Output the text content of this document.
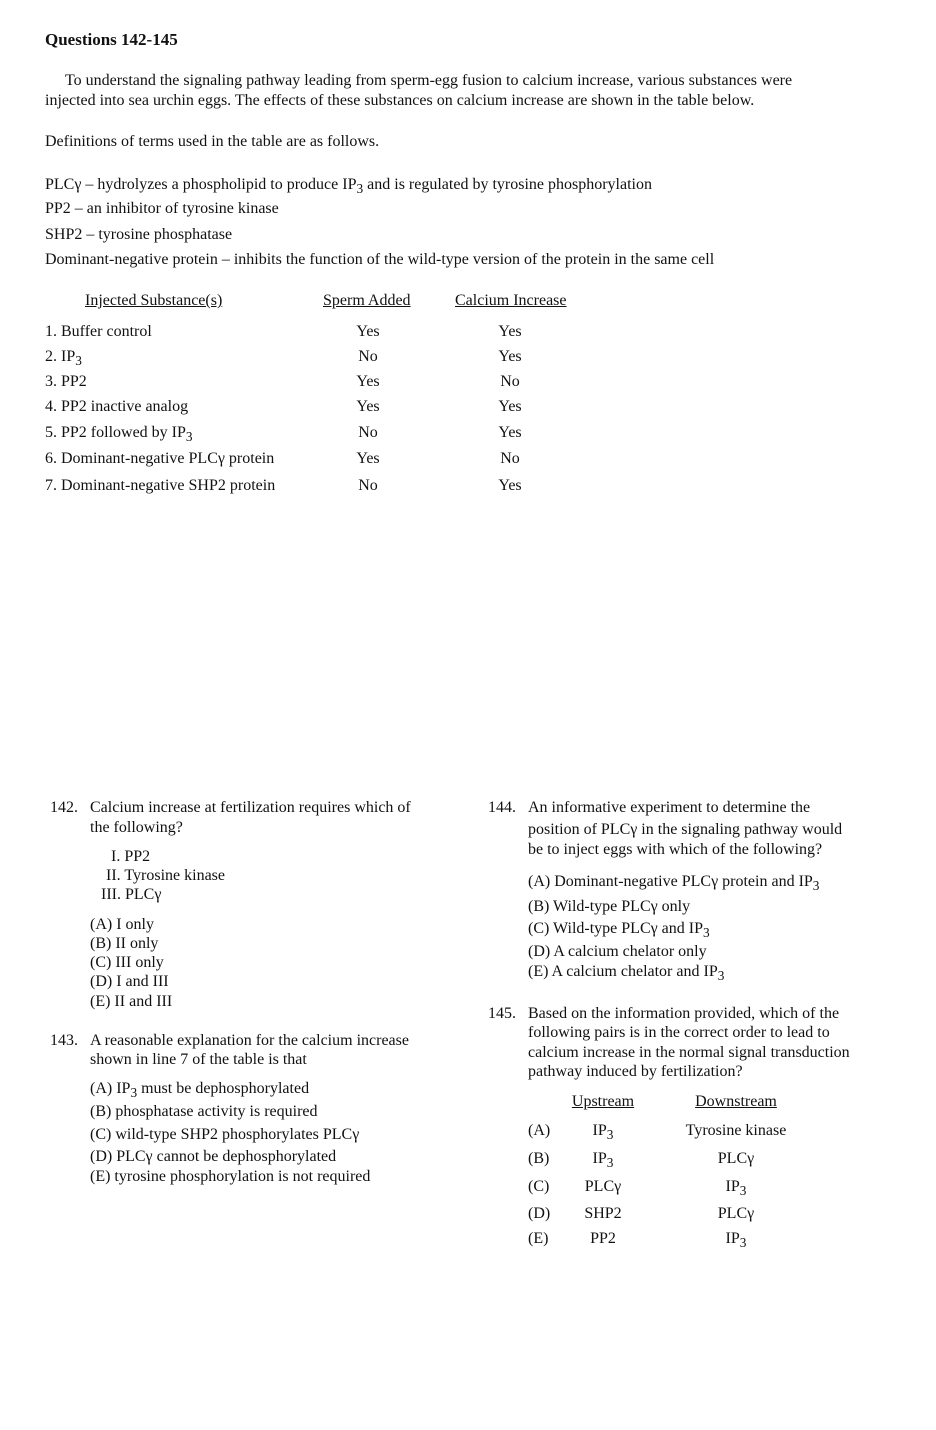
Questions 142-145
To understand the signaling pathway leading from sperm-egg fusion to calcium increase, various substances were
injected into sea urchin eggs. The effects of these substances on calcium increase are shown in the table below.
Definitions of terms used in the table are as follows.
PLCγ – hydrolyzes a phospholipid to produce $IP_3$ and is regulated by tyrosine phosphorylation
PP2 – an inhibitor of tyrosine kinase
SHP2 – tyrosine phosphatase
Dominant-negative protein – inhibits the function of the wild-type version of the protein in the same cell
Injected Substance(s)	Sperm Added	Calcium Increase
1. Buffer control	Yes	Yes
2. $IP_3$	No	Yes
3. PP2	Yes	No
4. PP2 inactive analog	Yes	Yes
5. PP2 followed by $IP_3$	No	Yes
6. Dominant-negative PLCγ protein	Yes	No
7. Dominant-negative SHP2 protein	No	Yes
142. Calcium increase at fertilization requires which of
the following?
I. PP2
II. Tyrosine kinase
III. PLCγ
(A) I only
(B) II only
(C) III only
(D) I and III
(E) II and III
143. A reasonable explanation for the calcium increase
shown in line 7 of the table is that
(A) $IP_3$ must be dephosphorylated
(B) phosphatase activity is required
(C) wild-type SHP2 phosphorylates PLCγ
(D) PLCγ cannot be dephosphorylated
(E) tyrosine phosphorylation is not required
144. An informative experiment to determine the
position of PLCγ in the signaling pathway would
be to inject eggs with which of the following?
(A) Dominant-negative PLCγ protein and $IP_3$
(B) Wild-type PLCγ only
(C) Wild-type PLCγ and $IP_3$
(D) A calcium chelator only
(E) A calcium chelator and $IP_3$
145. Based on the information provided, which of the
following pairs is in the correct order to lead to
calcium increase in the normal signal transduction
pathway induced by fertilization?
Upstream	Downstream
(A)	$IP_3$	Tyrosine kinase
(B)	$IP_3$	PLCγ
(C)	PLCγ	$IP_3$
(D)	SHP2	PLCγ
(E)	PP2	$IP_3$
